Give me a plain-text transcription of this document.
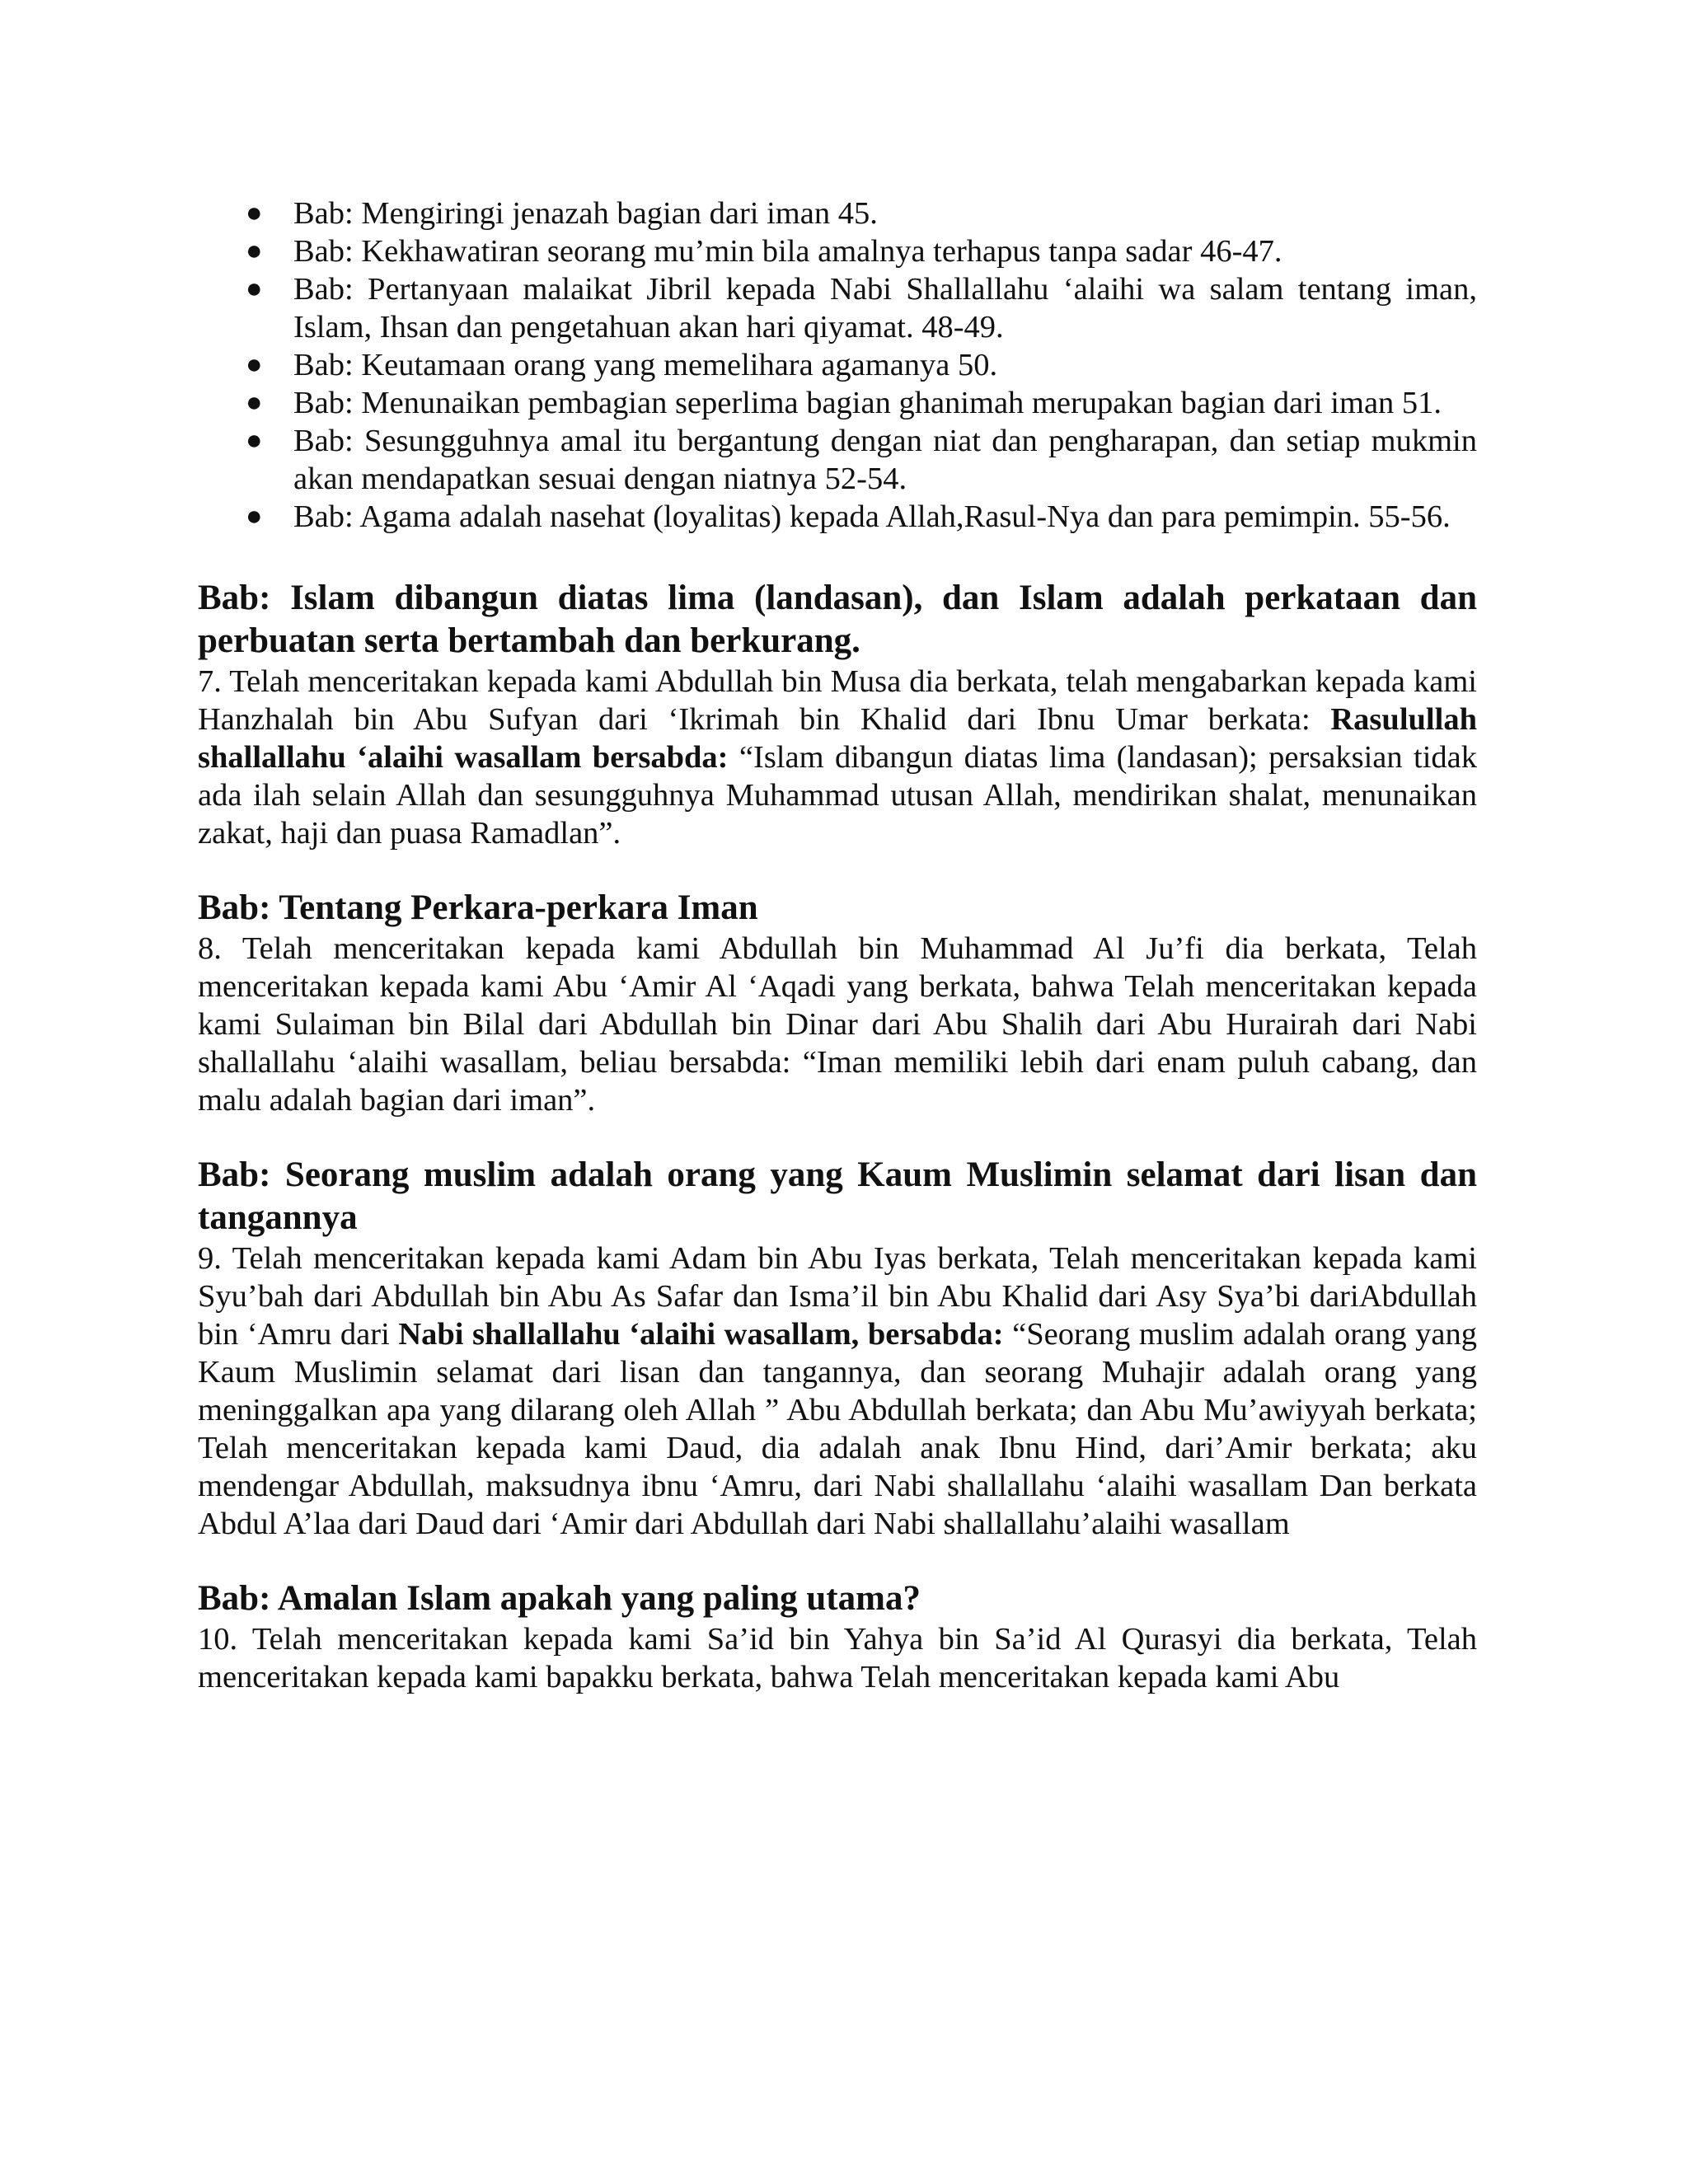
● Bab: Mengiringi jenazah bagian dari iman 45.
● Bab: Kekhawatiran seorang mu’min bila amalnya terhapus tanpa sadar 46-47.
● Bab: Pertanyaan malaikat Jibril kepada Nabi Shallallahu ‘alaihi wa salam tentang iman, Islam, Ihsan dan pengetahuan akan hari qiyamat. 48-49.
● Bab: Keutamaan orang yang memelihara agamanya 50.
● Bab: Menunaikan pembagian seperlima bagian ghanimah merupakan bagian dari iman 51.
● Bab: Sesungguhnya amal itu bergantung dengan niat dan pengharapan, dan setiap mukmin akan mendapatkan sesuai dengan niatnya 52-54.
● Bab: Agama adalah nasehat (loyalitas) kepada Allah,Rasul-Nya dan para pemimpin. 55-56.
Bab: Islam dibangun diatas lima (landasan), dan Islam adalah perkataan dan perbuatan serta bertambah dan berkurang.

7. Telah menceritakan kepada kami Abdullah bin Musa dia berkata, telah mengabarkan kepada kami Hanzhalah bin Abu Sufyan dari ‘Ikrimah bin Khalid dari Ibnu Umar berkata: Rasulullah shallallahu ‘alaihi wasallam bersabda: “Islam dibangun diatas lima (landasan); persaksian tidak ada ilah selain Allah dan sesungguhnya Muhammad utusan Allah, mendirikan shalat, menunaikan zakat, haji dan puasa Ramadlan”.

Bab: Tentang Perkara-perkara Iman

8. Telah menceritakan kepada kami Abdullah bin Muhammad Al Ju’fi dia berkata, Telah menceritakan kepada kami Abu ‘Amir Al ‘Aqadi yang berkata, bahwa Telah menceritakan kepada kami Sulaiman bin Bilal dari Abdullah bin Dinar dari Abu Shalih dari Abu Hurairah dari Nabi shallallahu ‘alaihi wasallam, beliau bersabda: “Iman memiliki lebih dari enam puluh cabang, dan malu adalah bagian dari iman”.

Bab: Seorang muslim adalah orang yang Kaum Muslimin selamat dari lisan dan tangannya

9. Telah menceritakan kepada kami Adam bin Abu Iyas berkata, Telah menceritakan kepada kami Syu’bah dari Abdullah bin Abu As Safar dan Isma’il bin Abu Khalid dari Asy Sya’bi dariAbdullah bin ‘Amru dari Nabi shallallahu ‘alaihi wasallam, bersabda: “Seorang muslim adalah orang yang Kaum Muslimin selamat dari lisan dan tangannya, dan seorang Muhajir adalah orang yang meninggalkan apa yang dilarang oleh Allah ” Abu Abdullah berkata; dan Abu Mu’awiyyah berkata; Telah menceritakan kepada kami Daud, dia adalah anak Ibnu Hind, dari’Amir berkata; aku mendengar Abdullah, maksudnya ibnu ‘Amru, dari Nabi shallallahu ‘alaihi wasallam Dan berkata Abdul A’laa dari Daud dari ‘Amir dari Abdullah dari Nabi shallallahu’alaihi wasallam

Bab: Amalan Islam apakah yang paling utama?

10. Telah menceritakan kepada kami Sa’id bin Yahya bin Sa’id Al Qurasyi dia berkata, Telah menceritakan kepada kami bapakku berkata, bahwa Telah menceritakan kepada kami Abu
